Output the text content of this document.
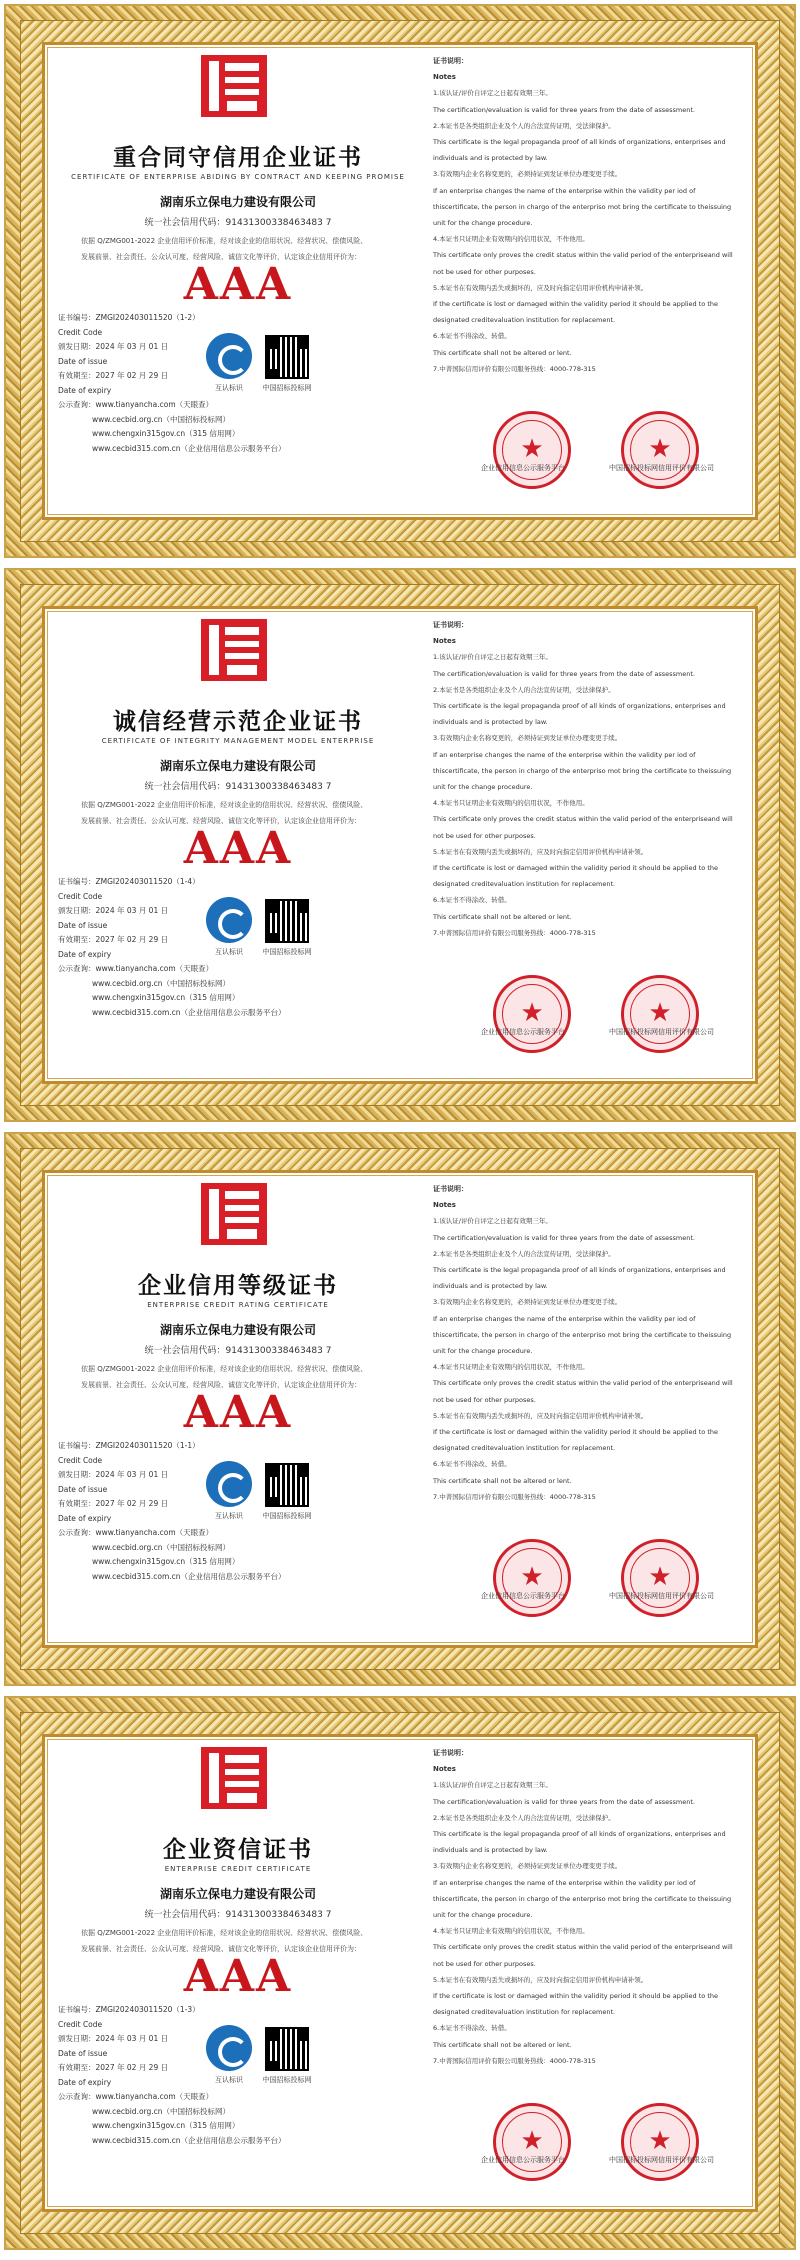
重合同守信用企业证书
CERTIFICATE OF ENTERPRISE ABIDING BY CONTRACT AND KEEPING PROMISE
湖南乐立保电力建设有限公司
统一社会信用代码：91431300338463483 7
依据 Q/ZMG001-2022 企业信用评价标准，经对该企业的信用状况、经营状况、偿债风险、
发展前景、社会责任、公众认可度、经营风险、诚信文化等评价，认定该企业信用评价为：
AAA
证书编号：ZMGI202403011520（1-2）
Credit Code
颁发日期：2024 年 03 月 01 日
Date of issue
有效期至：2027 年 02 月 29 日
Date of expiry
公示查询：www.tianyancha.com（天眼查）
www.cecbid.org.cn（中国招标投标网）
www.chengxin315gov.cn（315 信用网）
www.cecbid315.com.cn（企业信用信息公示服务平台）
互认标识	中国招标投标网
证书说明：
Notes
1.该认证/评价自评定之日起有效期三年。
The certification/evaluation is valid for three years from the date of assessment.
2.本证书是各类组织企业及个人的合法宣传证明，受法律保护。
This certificate is the legal propaganda proof of all kinds of organizations, enterprises and
individuals and is protected by law.
3.有效期内企业名称变更的，必须持证到发证单位办理变更手续。
If an enterprise changes the name of the enterprise within the validity per iod of
thiscertificate, the person in chargo of the enterpriso mot bring the certificate to theissuing
unit for the change procedure.
4.本证书只证明企业有效期内的信用状况，不作他用。
This certificate only proves the credit status within the valid period of the enterpriseand will
not be used for other purposes.
5.本证书在有效期内丢失或损坏的，应及时向指定信用评价机构申请补领。
If the certificate is lost or damaged within the validity period it should be applied to the
designated creditevaluation institution for replacement.
6.本证书不得涂改、转借。
This certificate shall not be altered or lent.
7.中菁国际信用评价有限公司服务热线：4000-778-315
★	★
企业信用信息公示服务平台	中国招标投标网信用评价有限公司
诚信经营示范企业证书
CERTIFICATE OF INTEGRITY MANAGEMENT MODEL ENTERPRISE
湖南乐立保电力建设有限公司
统一社会信用代码：91431300338463483 7
依据 Q/ZMG001-2022 企业信用评价标准，经对该企业的信用状况、经营状况、偿债风险、
发展前景、社会责任、公众认可度、经营风险、诚信文化等评价，认定该企业信用评价为：
AAA
证书编号：ZMGI202403011520（1-4）
Credit Code
颁发日期：2024 年 03 月 01 日
Date of issue
有效期至：2027 年 02 月 29 日
Date of expiry
公示查询：www.tianyancha.com（天眼查）
www.cecbid.org.cn（中国招标投标网）
www.chengxin315gov.cn（315 信用网）
www.cecbid315.com.cn（企业信用信息公示服务平台）
互认标识	中国招标投标网
证书说明：
Notes
1.该认证/评价自评定之日起有效期三年。
The certification/evaluation is valid for three years from the date of assessment.
2.本证书是各类组织企业及个人的合法宣传证明，受法律保护。
This certificate is the legal propaganda proof of all kinds of organizations, enterprises and
individuals and is protected by law.
3.有效期内企业名称变更的，必须持证到发证单位办理变更手续。
If an enterprise changes the name of the enterprise within the validity per iod of
thiscertificate, the person in chargo of the enterpriso mot bring the certificate to theissuing
unit for the change procedure.
4.本证书只证明企业有效期内的信用状况，不作他用。
This certificate only proves the credit status within the valid period of the enterpriseand will
not be used for other purposes.
5.本证书在有效期内丢失或损坏的，应及时向指定信用评价机构申请补领。
If the certificate is lost or damaged within the validity period it should be applied to the
designated creditevaluation institution for replacement.
6.本证书不得涂改、转借。
This certificate shall not be altered or lent.
7.中菁国际信用评价有限公司服务热线：4000-778-315
★	★
企业信用信息公示服务平台	中国招标投标网信用评价有限公司
企业信用等级证书
ENTERPRISE CREDIT RATING CERTIFICATE
湖南乐立保电力建设有限公司
统一社会信用代码：91431300338463483 7
依据 Q/ZMG001-2022 企业信用评价标准，经对该企业的信用状况、经营状况、偿债风险、
发展前景、社会责任、公众认可度、经营风险、诚信文化等评价，认定该企业信用评价为：
AAA
证书编号：ZMGI202403011520（1-1）
Credit Code
颁发日期：2024 年 03 月 01 日
Date of issue
有效期至：2027 年 02 月 29 日
Date of expiry
公示查询：www.tianyancha.com（天眼查）
www.cecbid.org.cn（中国招标投标网）
www.chengxin315gov.cn（315 信用网）
www.cecbid315.com.cn（企业信用信息公示服务平台）
互认标识	中国招标投标网
证书说明：
Notes
1.该认证/评价自评定之日起有效期三年。
The certification/evaluation is valid for three years from the date of assessment.
2.本证书是各类组织企业及个人的合法宣传证明，受法律保护。
This certificate is the legal propaganda proof of all kinds of organizations, enterprises and
individuals and is protected by law.
3.有效期内企业名称变更的，必须持证到发证单位办理变更手续。
If an enterprise changes the name of the enterprise within the validity per iod of
thiscertificate, the person in chargo of the enterpriso mot bring the certificate to theissuing
unit for the change procedure.
4.本证书只证明企业有效期内的信用状况，不作他用。
This certificate only proves the credit status within the valid period of the enterpriseand will
not be used for other purposes.
5.本证书在有效期内丢失或损坏的，应及时向指定信用评价机构申请补领。
If the certificate is lost or damaged within the validity period it should be applied to the
designated creditevaluation institution for replacement.
6.本证书不得涂改、转借。
This certificate shall not be altered or lent.
7.中菁国际信用评价有限公司服务热线：4000-778-315
★	★
企业信用信息公示服务平台	中国招标投标网信用评价有限公司
企业资信证书
ENTERPRISE CREDIT CERTIFICATE
湖南乐立保电力建设有限公司
统一社会信用代码：91431300338463483 7
依据 Q/ZMG001-2022 企业信用评价标准，经对该企业的信用状况、经营状况、偿债风险、
发展前景、社会责任、公众认可度、经营风险、诚信文化等评价，认定该企业信用评价为：
AAA
证书编号：ZMGI202403011520（1-3）
Credit Code
颁发日期：2024 年 03 月 01 日
Date of issue
有效期至：2027 年 02 月 29 日
Date of expiry
公示查询：www.tianyancha.com（天眼查）
www.cecbid.org.cn（中国招标投标网）
www.chengxin315gov.cn（315 信用网）
www.cecbid315.com.cn（企业信用信息公示服务平台）
互认标识	中国招标投标网
证书说明：
Notes
1.该认证/评价自评定之日起有效期三年。
The certification/evaluation is valid for three years from the date of assessment.
2.本证书是各类组织企业及个人的合法宣传证明，受法律保护。
This certificate is the legal propaganda proof of all kinds of organizations, enterprises and
individuals and is protected by law.
3.有效期内企业名称变更的，必须持证到发证单位办理变更手续。
If an enterprise changes the name of the enterprise within the validity per iod of
thiscertificate, the person in chargo of the enterpriso mot bring the certificate to theissuing
unit for the change procedure.
4.本证书只证明企业有效期内的信用状况，不作他用。
This certificate only proves the credit status within the valid period of the enterpriseand will
not be used for other purposes.
5.本证书在有效期内丢失或损坏的，应及时向指定信用评价机构申请补领。
If the certificate is lost or damaged within the validity period it should be applied to the
designated creditevaluation institution for replacement.
6.本证书不得涂改、转借。
This certificate shall not be altered or lent.
7.中菁国际信用评价有限公司服务热线：4000-778-315
★	★
企业信用信息公示服务平台	中国招标投标网信用评价有限公司
